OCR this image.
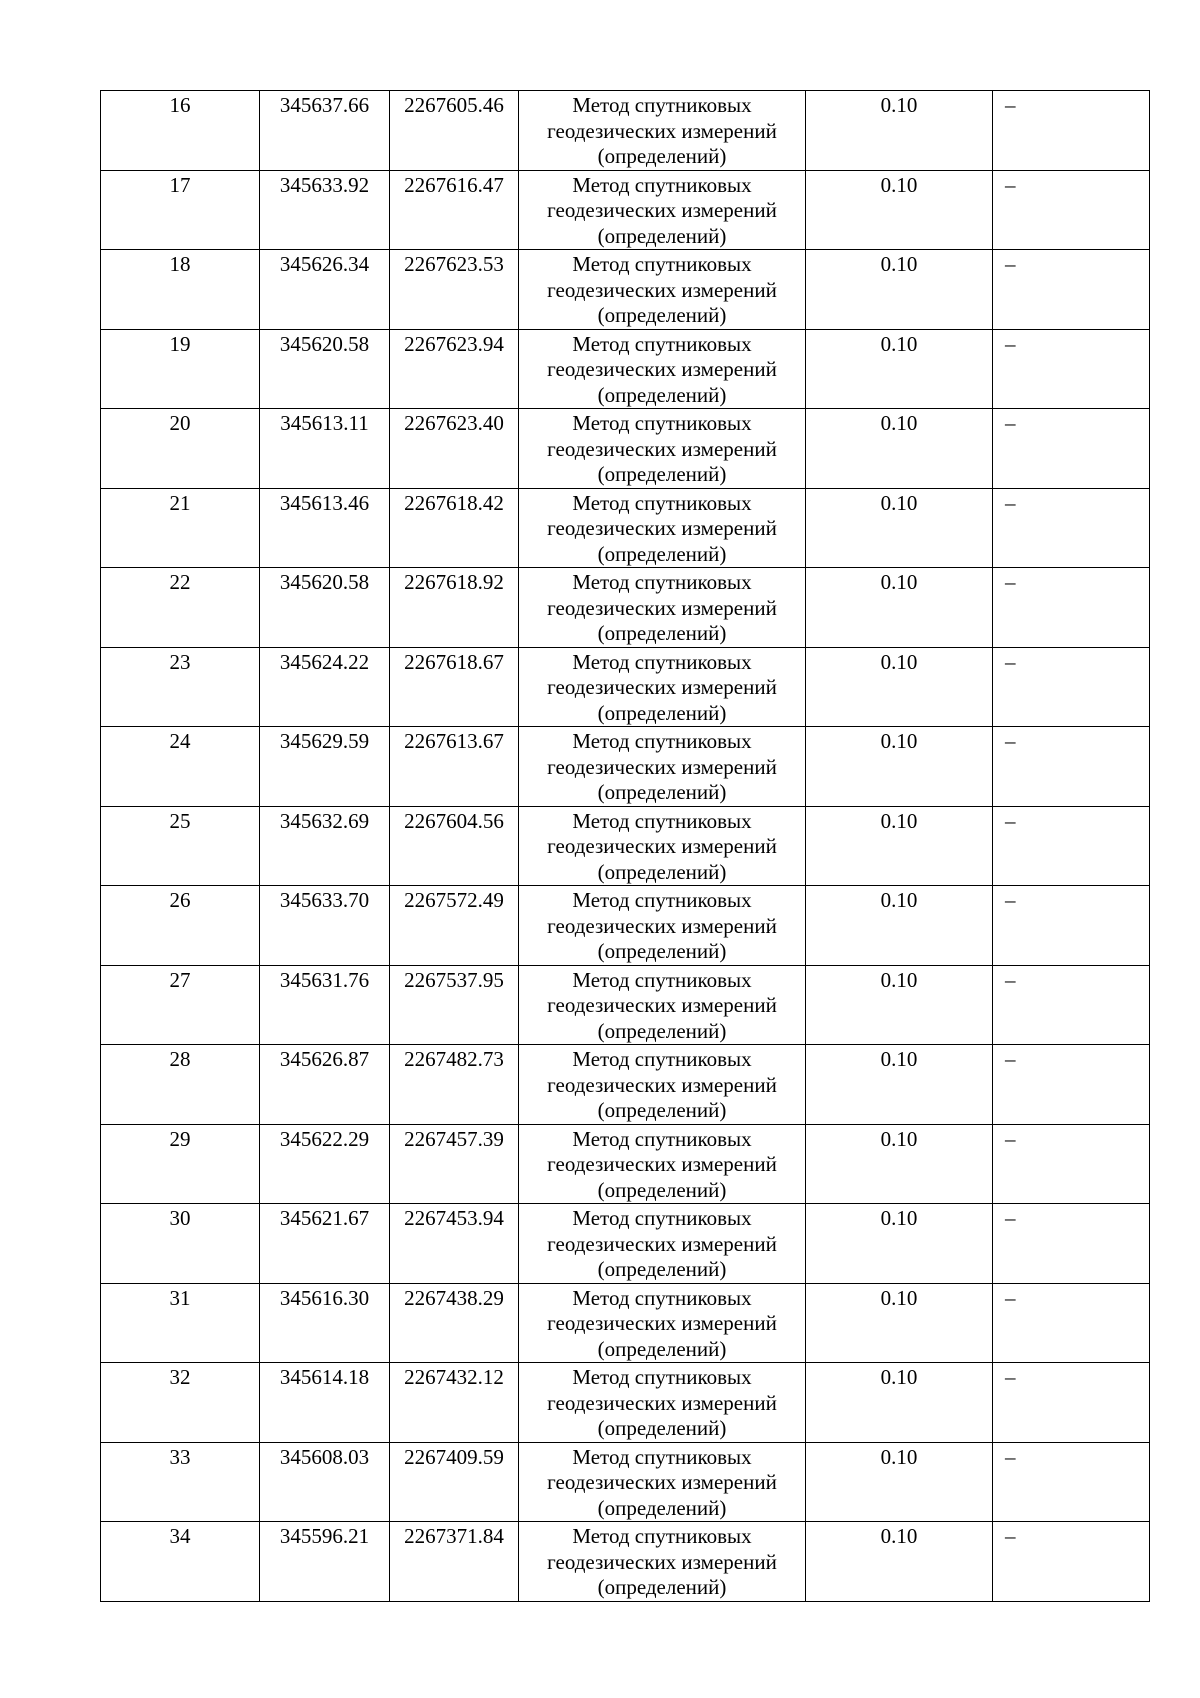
16	345637.66	2267605.46	Метод спутниковых геодезических измерений (определений)	0.10	–
17	345633.92	2267616.47	Метод спутниковых геодезических измерений (определений)	0.10	–
18	345626.34	2267623.53	Метод спутниковых геодезических измерений (определений)	0.10	–
19	345620.58	2267623.94	Метод спутниковых геодезических измерений (определений)	0.10	–
20	345613.11	2267623.40	Метод спутниковых геодезических измерений (определений)	0.10	–
21	345613.46	2267618.42	Метод спутниковых геодезических измерений (определений)	0.10	–
22	345620.58	2267618.92	Метод спутниковых геодезических измерений (определений)	0.10	–
23	345624.22	2267618.67	Метод спутниковых геодезических измерений (определений)	0.10	–
24	345629.59	2267613.67	Метод спутниковых геодезических измерений (определений)	0.10	–
25	345632.69	2267604.56	Метод спутниковых геодезических измерений (определений)	0.10	–
26	345633.70	2267572.49	Метод спутниковых геодезических измерений (определений)	0.10	–
27	345631.76	2267537.95	Метод спутниковых геодезических измерений (определений)	0.10	–
28	345626.87	2267482.73	Метод спутниковых геодезических измерений (определений)	0.10	–
29	345622.29	2267457.39	Метод спутниковых геодезических измерений (определений)	0.10	–
30	345621.67	2267453.94	Метод спутниковых геодезических измерений (определений)	0.10	–
31	345616.30	2267438.29	Метод спутниковых геодезических измерений (определений)	0.10	–
32	345614.18	2267432.12	Метод спутниковых геодезических измерений (определений)	0.10	–
33	345608.03	2267409.59	Метод спутниковых геодезических измерений (определений)	0.10	–
34	345596.21	2267371.84	Метод спутниковых геодезических измерений (определений)	0.10	–
